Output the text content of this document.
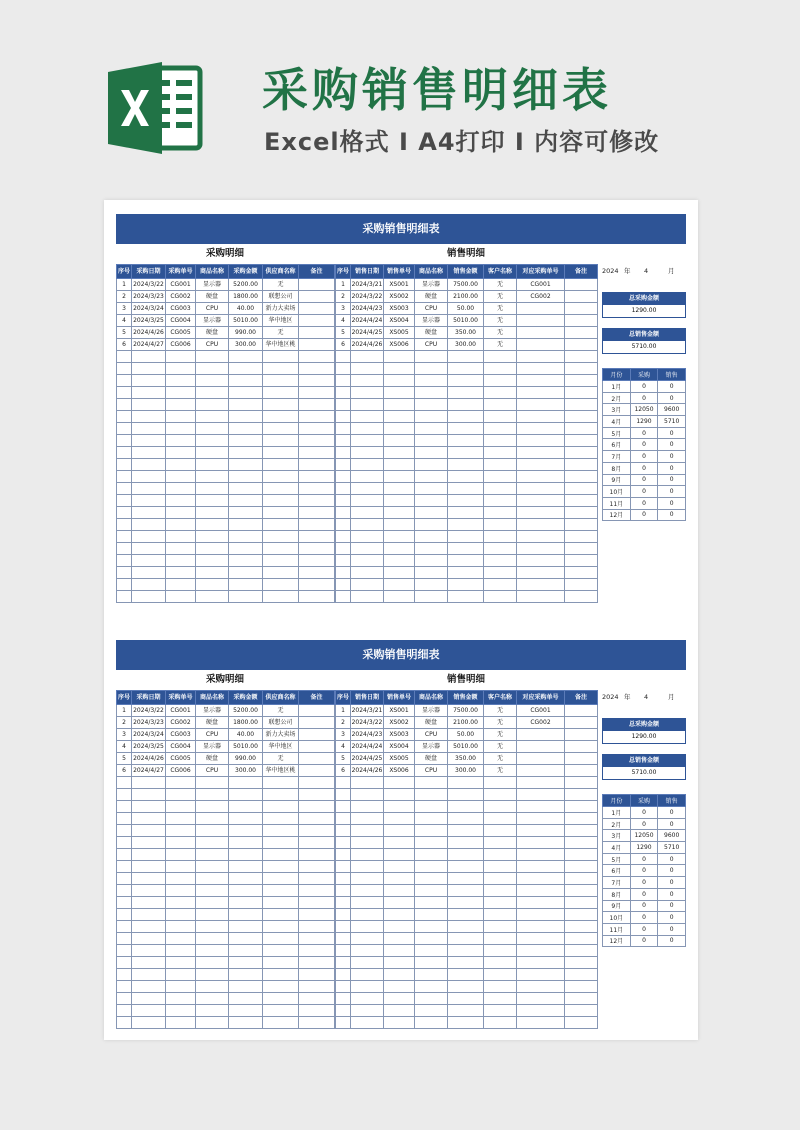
采购销售明细表
Excel格式 I A4打印 I 内容可修改
采购销售明细表
采购明细	销售明细
序号	采购日期	采购单号	商品名称	采购金额	供应商名称	备注
1	2024/3/22	CG001	显示器	5200.00	无	
2	2024/3/23	CG002	硬盘	1800.00	联想公司	
3	2024/3/24	CG003	CPU	40.00	新力大卖场	
4	2024/3/25	CG004	显示器	5010.00	华中地区	
5	2024/4/26	CG005	硬盘	990.00	无	
6	2024/4/27	CG006	CPU	300.00	华中地区桃	

序号	销售日期	销售单号	商品名称	销售金额	客户名称	对应采购单号	备注
1	2024/3/21	XS001	显示器	7500.00	无	CG001	
2	2024/3/22	XS002	硬盘	2100.00	无	CG002	
3	2024/4/23	XS003	CPU	50.00	无		
4	2024/4/24	XS004	显示器	5010.00	无		
5	2024/4/25	XS005	硬盘	350.00	无		
6	2024/4/26	XS006	CPU	300.00	无		

2024 年 4	月
总采购金额
1290.00
总销售金额
5710.00
月份	采购	销售
1月	0	0
2月	0	0
3月	12050	9600
4月	1290	5710
5月	0	0
6月	0	0
7月	0	0
8月	0	0
9月	0	0
10月	0	0
11月	0	0
12月	0	0
采购销售明细表
采购明细	销售明细
序号	采购日期	采购单号	商品名称	采购金额	供应商名称	备注
1	2024/3/22	CG001	显示器	5200.00	无	
2	2024/3/23	CG002	硬盘	1800.00	联想公司	
3	2024/3/24	CG003	CPU	40.00	新力大卖场	
4	2024/3/25	CG004	显示器	5010.00	华中地区	
5	2024/4/26	CG005	硬盘	990.00	无	
6	2024/4/27	CG006	CPU	300.00	华中地区桃	

序号	销售日期	销售单号	商品名称	销售金额	客户名称	对应采购单号	备注
1	2024/3/21	XS001	显示器	7500.00	无	CG001	
2	2024/3/22	XS002	硬盘	2100.00	无	CG002	
3	2024/4/23	XS003	CPU	50.00	无		
4	2024/4/24	XS004	显示器	5010.00	无		
5	2024/4/25	XS005	硬盘	350.00	无		
6	2024/4/26	XS006	CPU	300.00	无		

2024 年 4	月
总采购金额
1290.00
总销售金额
5710.00
月份	采购	销售
1月	0	0
2月	0	0
3月	12050	9600
4月	1290	5710
5月	0	0
6月	0	0
7月	0	0
8月	0	0
9月	0	0
10月	0	0
11月	0	0
12月	0	0
